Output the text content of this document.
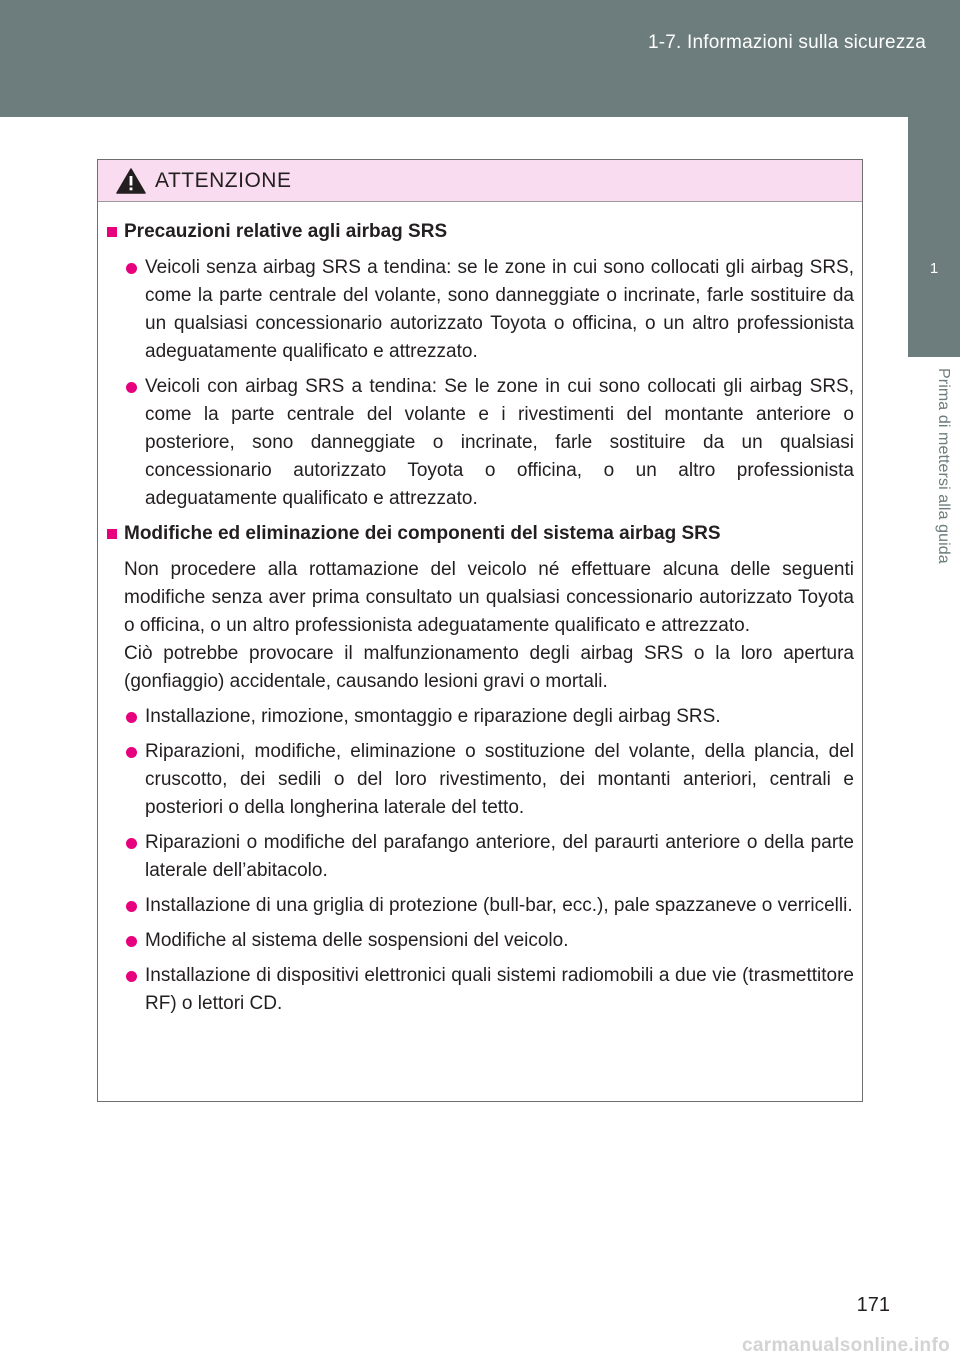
1-7. Informazioni sulla sicurezza
1
Prima di mettersi alla guida
ATTENZIONE
Precauzioni relative agli airbag SRS
Veicoli senza airbag SRS a tendina: se le zone in cui sono collocati gli airbag SRS, come la parte centrale del volante, sono danneggiate o incrinate, farle sostituire da un qualsiasi concessionario autorizzato Toyota o officina, o un altro professionista adeguatamente qualificato e attrezzato.
Veicoli con airbag SRS a tendina: Se le zone in cui sono collocati gli airbag SRS, come la parte centrale del volante e i rivestimenti del montante anteriore o posteriore, sono danneggiate o incrinate, farle sostituire da un qualsiasi concessionario autorizzato Toyota o officina, o un altro professionista adeguatamente qualificato e attrezzato.
Modifiche ed eliminazione dei componenti del sistema airbag SRS
Non procedere alla rottamazione del veicolo né effettuare alcuna delle seguenti modifiche senza aver prima consultato un qualsiasi concessionario autorizzato Toyota o officina, o un altro professionista adeguatamente qualificato e attrezzato.
Ciò potrebbe provocare il malfunzionamento degli airbag SRS o la loro apertura (gonfiaggio) accidentale, causando lesioni gravi o mortali.
Installazione, rimozione, smontaggio e riparazione degli airbag SRS.
Riparazioni, modifiche, eliminazione o sostituzione del volante, della plancia, del cruscotto, dei sedili o del loro rivestimento, dei montanti anteriori, centrali e posteriori o della longherina laterale del tetto.
Riparazioni o modifiche del parafango anteriore, del paraurti anteriore o della parte laterale dell’abitacolo.
Installazione di una griglia di protezione (bull-bar, ecc.), pale spazzaneve o verricelli.
Modifiche al sistema delle sospensioni del veicolo.
Installazione di dispositivi elettronici quali sistemi radiomobili a due vie (trasmettitore RF) o lettori CD.
171
carmanualsonline.info
